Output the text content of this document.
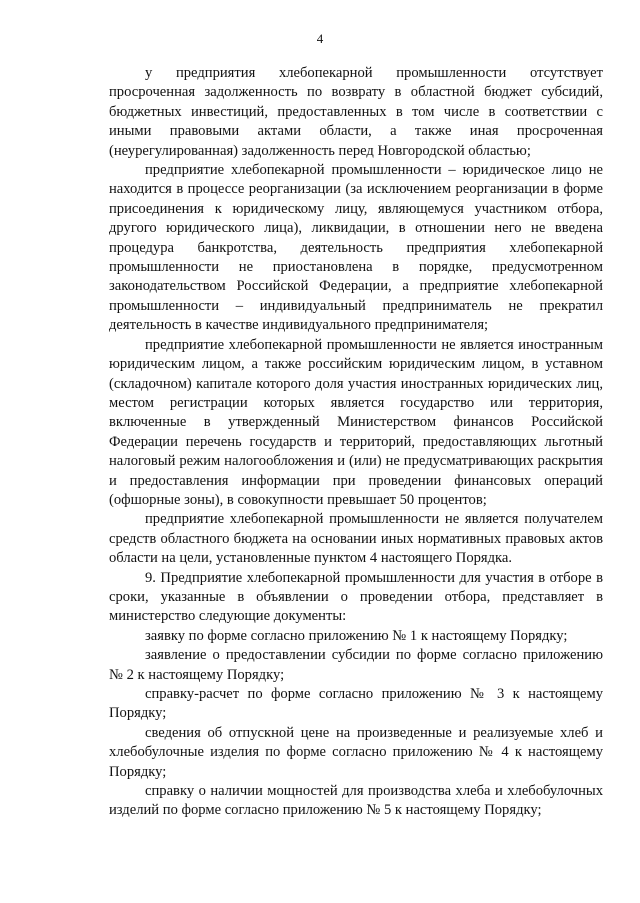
4

у предприятия хлебопекарной промышленности отсутствует просроченная задолженность по возврату в областной бюджет субсидий, бюджетных инвестиций, предоставленных в том числе в соответствии с иными правовыми актами области, а также иная просроченная (неурегулированная) задолженность перед Новгородской областью;

предприятие хлебопекарной промышленности – юридическое лицо не находится в процессе реорганизации (за исключением реорганизации в форме присоединения к юридическому лицу, являющемуся участником отбора, другого юридического лица), ликвидации, в отношении него не введена процедура банкротства, деятельность предприятия хлебопекарной промышленности не приостановлена в порядке, предусмотренном законодательством Российской Федерации, а предприятие хлебопекарной промышленности – индивидуальный предприниматель не прекратил деятельность в качестве индивидуального предпринимателя;

предприятие хлебопекарной промышленности не является иностранным юридическим лицом, а также российским юридическим лицом, в уставном (складочном) капитале которого доля участия иностранных юридических лиц, местом регистрации которых является государство или территория, включенные в утвержденный Министерством финансов Российской Федерации перечень государств и территорий, предоставляющих льготный налоговый режим налогообложения и (или) не предусматривающих раскрытия и предоставления информации при проведении финансовых операций (офшорные зоны), в совокупности превышает 50 процентов;

предприятие хлебопекарной промышленности не является получателем средств областного бюджета на основании иных нормативных правовых актов области на цели, установленные пунктом 4 настоящего Порядка.

9. Предприятие хлебопекарной промышленности для участия в отборе в сроки, указанные в объявлении о проведении отбора, представляет в министерство следующие документы:

заявку по форме согласно приложению № 1 к настоящему Порядку;

заявление о предоставлении субсидии по форме согласно приложению № 2 к настоящему Порядку;

справку-расчет по форме согласно приложению № 3 к настоящему Порядку;

сведения об отпускной цене на произведенные и реализуемые хлеб и хлебобулочные изделия по форме согласно приложению № 4 к настоящему Порядку;

справку о наличии мощностей для производства хлеба и хлебобулочных изделий по форме согласно приложению № 5 к настоящему Порядку;
